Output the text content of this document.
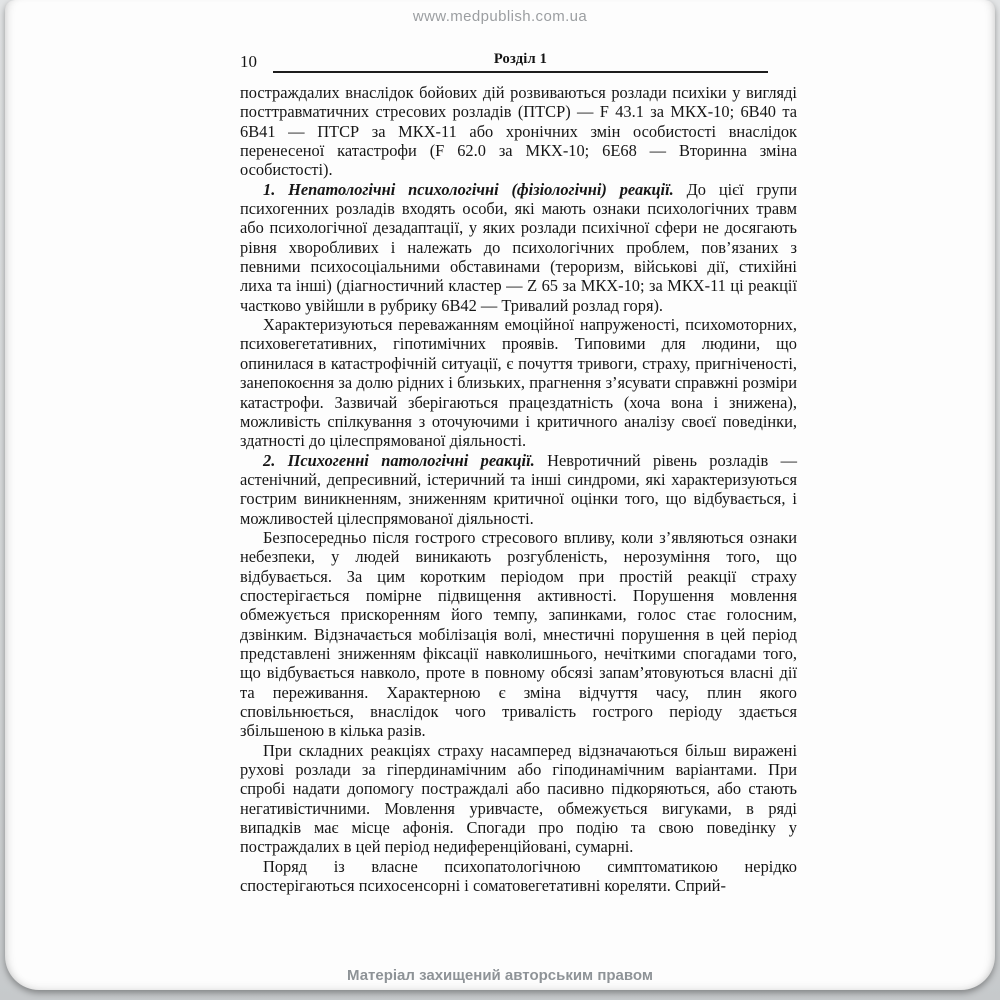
www.medpublish.com.ua
10	Розділ 1

постраждалих внаслідок бойових дій розвиваються розлади психіки у вигляді посттравматичних стресових розладів (ПТСР) — F 43.1 за МКХ-10; 6В40 та 6В41 — ПТСР за МКХ-11 або хронічних змін особистості внаслідок перенесеної катастрофи (F 62.0 за МКХ-10; 6Е68 — Вторинна зміна особистості).

1. Непатологічні психологічні (фізіологічні) реакції. До цієї групи психогенних розладів входять особи, які мають ознаки психологічних травм або психологічної дезадаптації, у яких розлади психічної сфери не досягають рівня хворобливих і належать до психологічних проблем, пов’язаних з певними психосоціальними обставинами (тероризм, військові дії, стихійні лиха та інші) (діагностичний кластер — Z 65 за МКХ-10; за МКХ-11 ці реакції частково увійшли в рубрику 6В42 — Тривалий розлад горя).

Характеризуються переважанням емоційної напруженості, психомоторних, психовегетативних, гіпотимічних проявів. Типовими для людини, що опинилася в катастрофічній ситуації, є почуття тривоги, страху, пригніченості, занепокоєння за долю рідних і близьких, прагнення з’ясувати справжні розміри катастрофи. Зазвичай зберігаються працездатність (хоча вона і знижена), можливість спілкування з оточуючими і критичного аналізу своєї поведінки, здатності до цілеспрямованої діяльності.

2. Психогенні патологічні реакції. Невротичний рівень розладів — астенічний, депресивний, істеричний та інші синдроми, які характеризуються гострим виникненням, зниженням критичної оцінки того, що відбувається, і можливостей цілеспрямованої діяльності.

Безпосередньо після гострого стресового впливу, коли з’являються ознаки небезпеки, у людей виникають розгубленість, нерозуміння того, що відбувається. За цим коротким періодом при простій реакції страху спостерігається помірне підвищення активності. Порушення мовлення обмежується прискоренням його темпу, запинками, голос стає голосним, дзвінким. Відзначається мобілізація волі, мнестичні порушення в цей період представлені зниженням фіксації навколишнього, нечіткими спогадами того, що відбувається навколо, проте в повному обсязі запам’ятовуються власні дії та переживання. Характерною є зміна відчуття часу, плин якого сповільнюється, внаслідок чого тривалість гострого періоду здається збільшеною в кілька разів.

При складних реакціях страху насамперед відзначаються більш виражені рухові розлади за гіпердинамічним або гіподинамічним варіантами. При спробі надати допомогу постраждалі або пасивно підкоряються, або стають негативістичними. Мовлення уривчасте, обмежується вигуками, в ряді випадків має місце афонія. Спогади про подію та свою поведінку у постраждалих в цей період недиференційовані, сумарні.

Поряд із власне психопатологічною симптоматикою нерідко спостерігаються психосенсорні і соматовегетативні кореляти. Сприй-

Матеріал захищений авторським правом
